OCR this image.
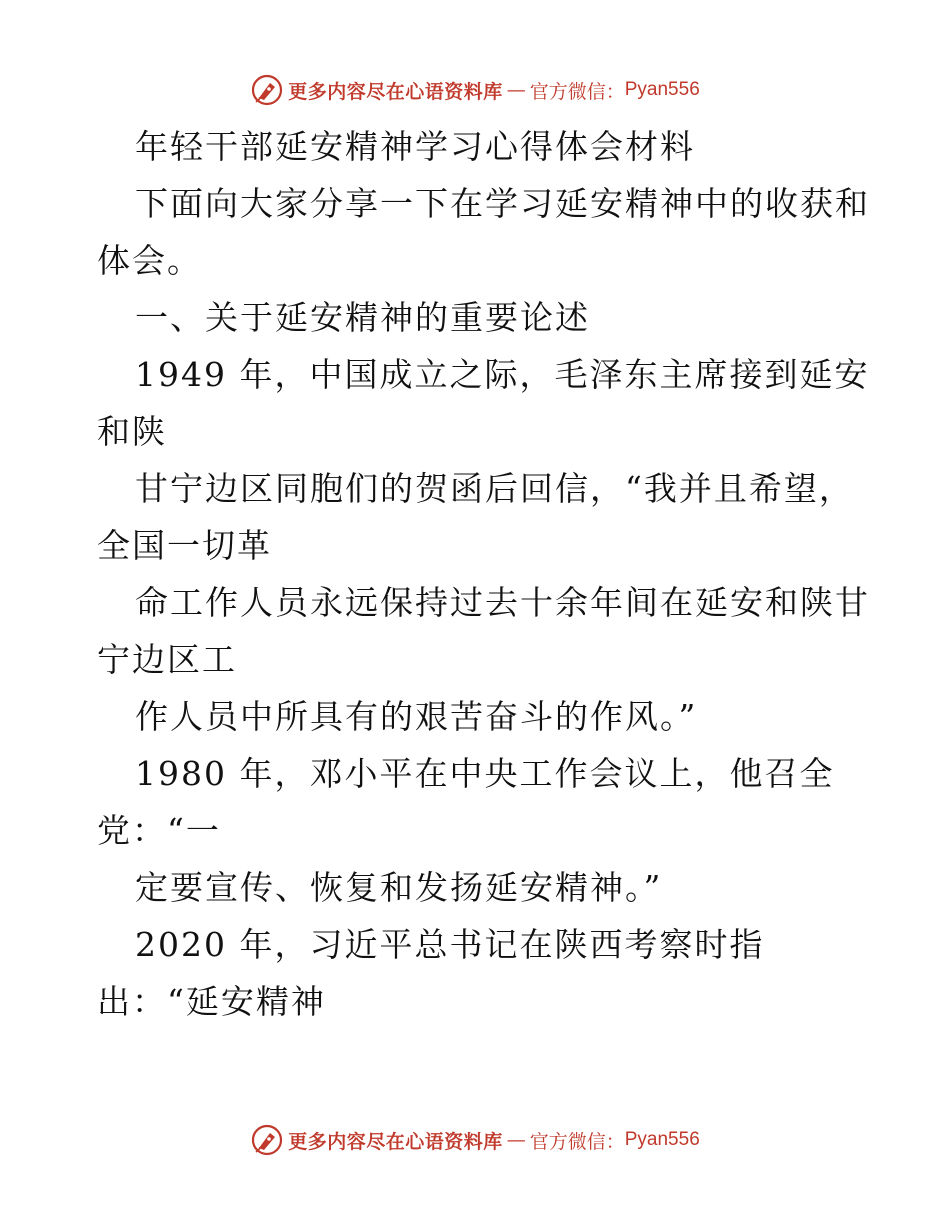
更多内容尽在心语资料库 — 官方微信： Pyan556
年轻干部延安精神学习心得体会材料
下面向大家分享一下在学习延安精神中的收获和
体会。
一、关于延安精神的重要论述
1949 年，中国成立之际，毛泽东主席接到延安
和陕
甘宁边区同胞们的贺函后回信，“我并且希望，
全国一切革
命工作人员永远保持过去十余年间在延安和陕甘
宁边区工
作人员中所具有的艰苦奋斗的作风。”
1980 年，邓小平在中央工作会议上，他召全
党：“一
定要宣传、恢复和发扬延安精神。”
2020 年，习近平总书记在陕西考察时指
出：“延安精神
更多内容尽在心语资料库 — 官方微信： Pyan556
